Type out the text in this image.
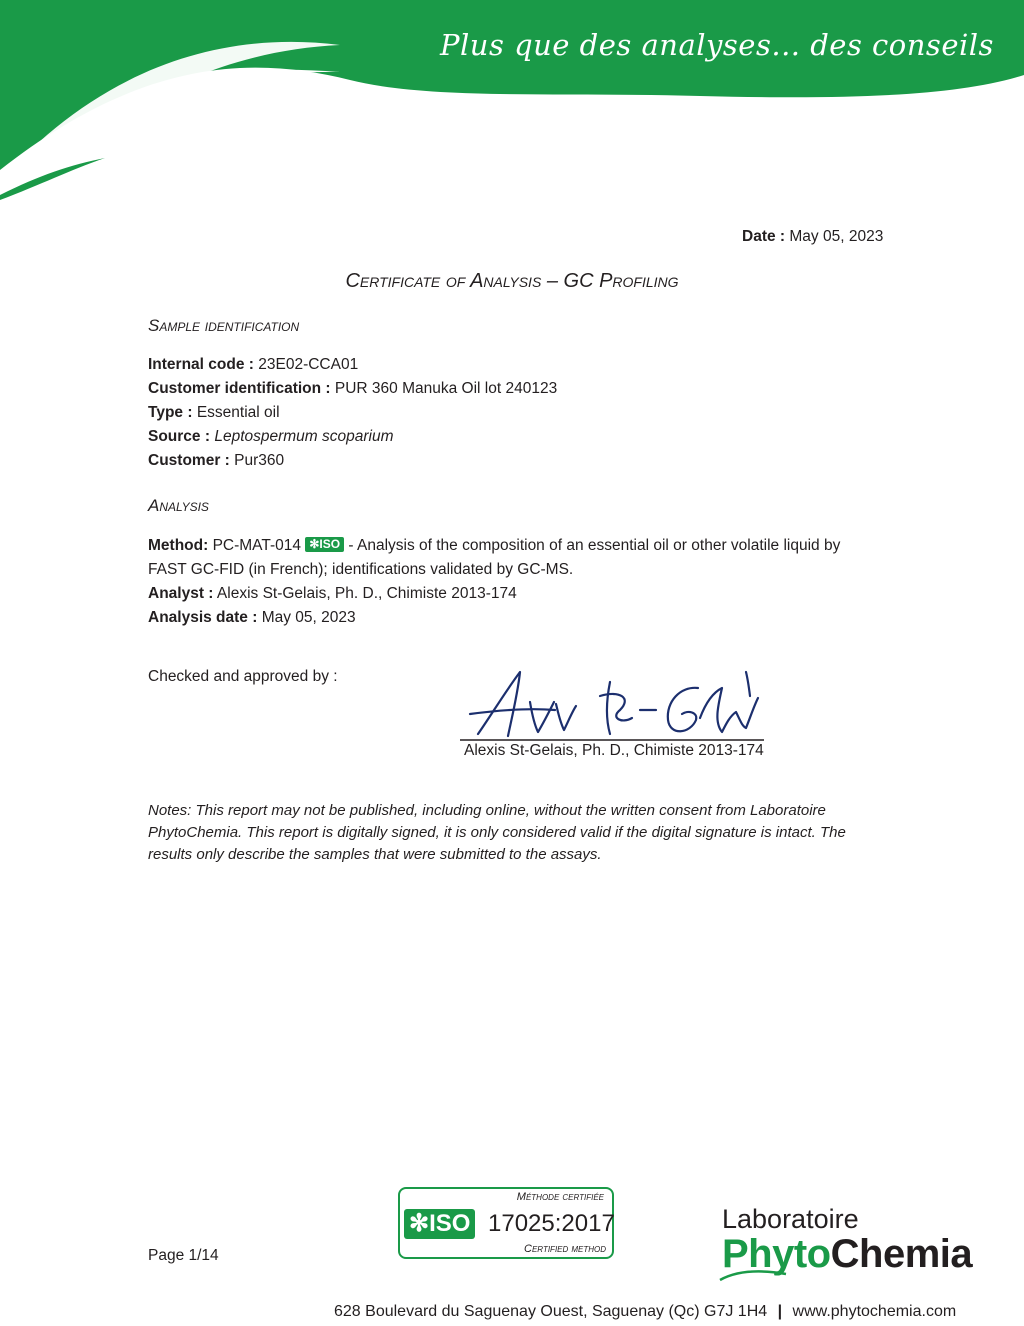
Plus que des analyses... des conseils
Date : May 05, 2023
Certificate of Analysis – GC Profiling
Sample identification
Internal code : 23E02-CCA01
Customer identification : PUR 360 Manuka Oil lot 240123
Type : Essential oil
Source : Leptospermum scoparium
Customer : Pur360
Analysis
Method: PC-MAT-014 ✻ISO - Analysis of the composition of an essential oil or other volatile liquid by
FAST GC-FID (in French); identifications validated by GC-MS.
Analyst : Alexis St-Gelais, Ph. D., Chimiste 2013-174
Analysis date : May 05, 2023
Checked and approved by :
Alexis St-Gelais, Ph. D., Chimiste 2013-174
Notes: This report may not be published, including online, without the written consent from Laboratoire PhytoChemia. This report is digitally signed, it is only considered valid if the digital signature is intact. The results only describe the samples that were submitted to the assays.
Page 1/14
Méthode certifiée
✻ISO 17025:2017
Certified method
Laboratoire
PhytoChemia
628 Boulevard du Saguenay Ouest, Saguenay (Qc) G7J 1H4 | www.phytochemia.com
